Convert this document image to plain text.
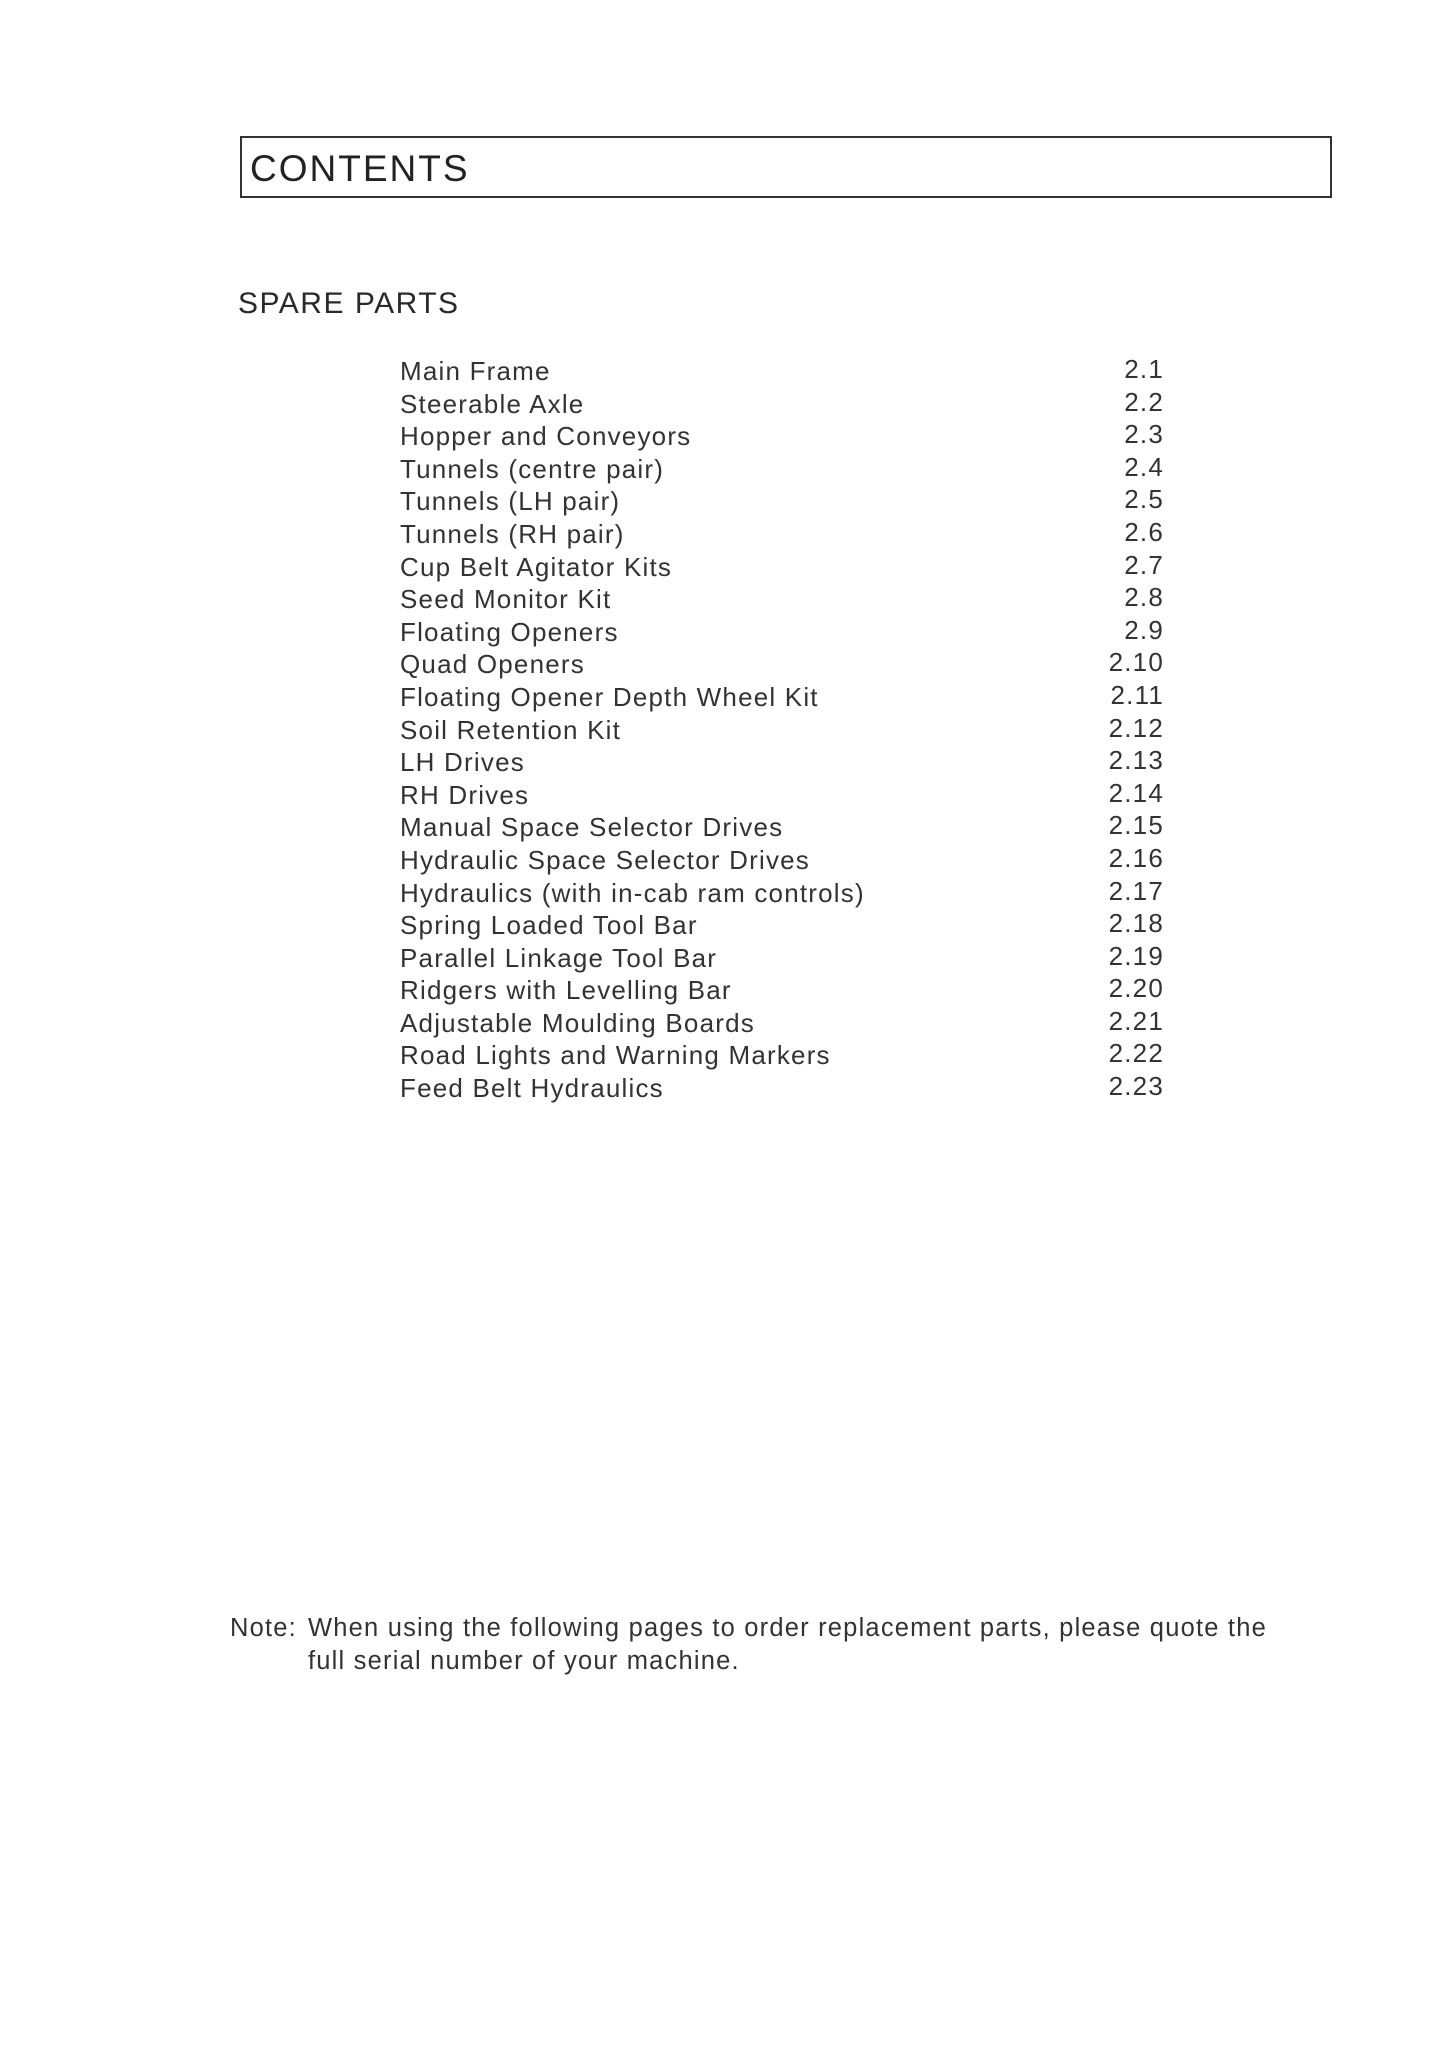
CONTENTS
SPARE PARTS
Main Frame	2.1
Steerable Axle	2.2
Hopper and Conveyors	2.3
Tunnels (centre pair)	2.4
Tunnels (LH pair)	2.5
Tunnels (RH pair)	2.6
Cup Belt Agitator Kits	2.7
Seed Monitor Kit	2.8
Floating Openers	2.9
Quad Openers	2.10
Floating Opener Depth Wheel Kit	2.11
Soil Retention Kit	2.12
LH Drives	2.13
RH Drives	2.14
Manual Space Selector Drives	2.15
Hydraulic Space Selector Drives	2.16
Hydraulics (with in-cab ram controls)	2.17
Spring Loaded Tool Bar	2.18
Parallel Linkage Tool Bar	2.19
Ridgers with Levelling Bar	2.20
Adjustable Moulding Boards	2.21
Road Lights and Warning Markers	2.22
Feed Belt Hydraulics	2.23
Note: When using the following pages to order replacement parts, please quote the
full serial number of your machine.
